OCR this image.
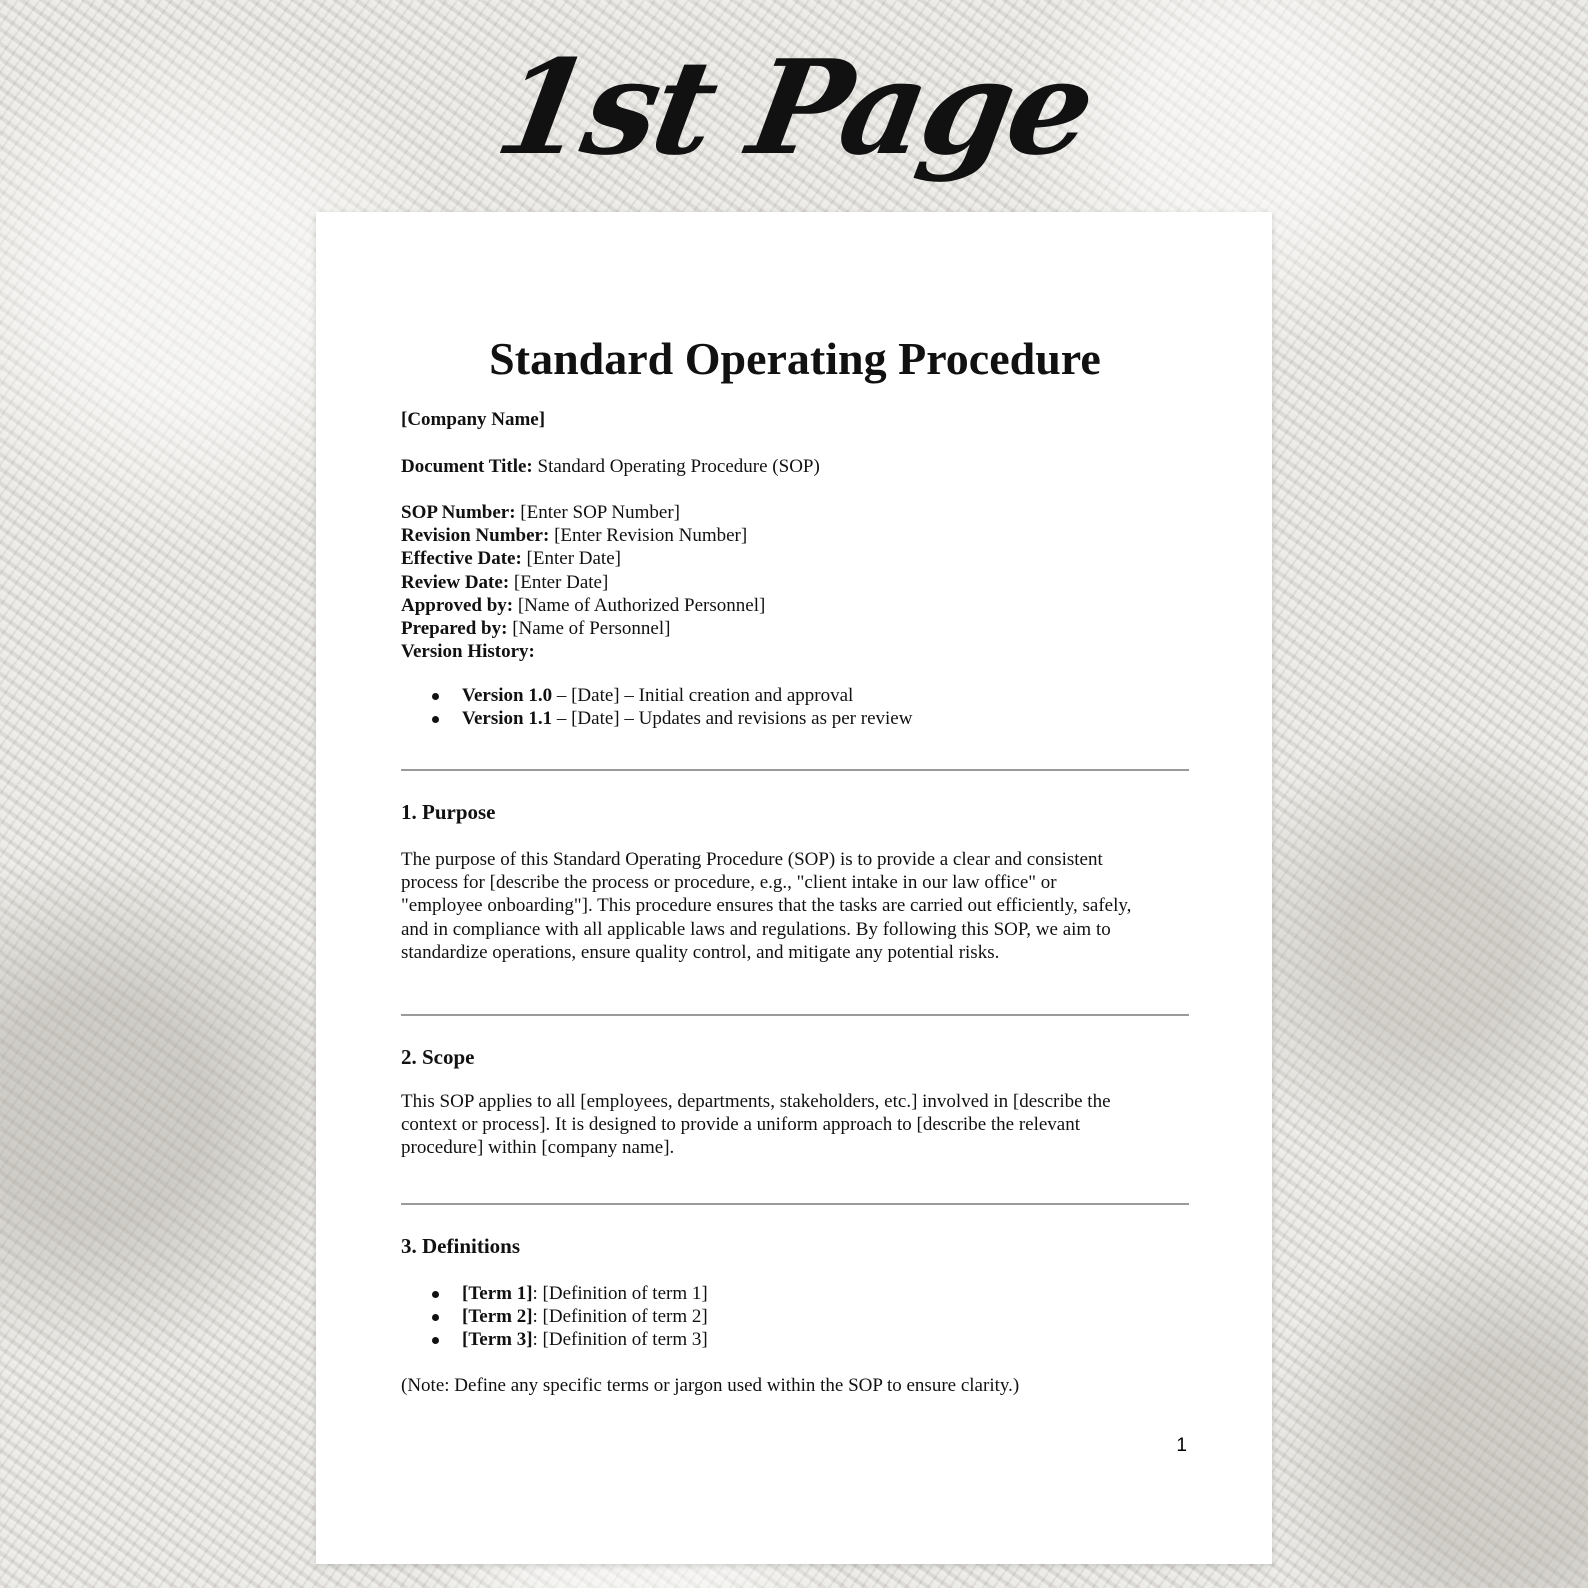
1st Page
Standard Operating Procedure
[Company Name]
Document Title: Standard Operating Procedure (SOP)
SOP Number: [Enter SOP Number]
Revision Number: [Enter Revision Number]
Effective Date: [Enter Date]
Review Date: [Enter Date]
Approved by: [Name of Authorized Personnel]
Prepared by: [Name of Personnel]
Version History:
Version 1.0 – [Date] – Initial creation and approval
Version 1.1 – [Date] – Updates and revisions as per review
1. Purpose
The purpose of this Standard Operating Procedure (SOP) is to provide a clear and consistent
process for [describe the process or procedure, e.g., "client intake in our law office" or
"employee onboarding"]. This procedure ensures that the tasks are carried out efficiently, safely,
and in compliance with all applicable laws and regulations. By following this SOP, we aim to
standardize operations, ensure quality control, and mitigate any potential risks.
2. Scope
This SOP applies to all [employees, departments, stakeholders, etc.] involved in [describe the
context or process]. It is designed to provide a uniform approach to [describe the relevant
procedure] within [company name].
3. Definitions
[Term 1]: [Definition of term 1]
[Term 2]: [Definition of term 2]
[Term 3]: [Definition of term 3]
(Note: Define any specific terms or jargon used within the SOP to ensure clarity.)
1
